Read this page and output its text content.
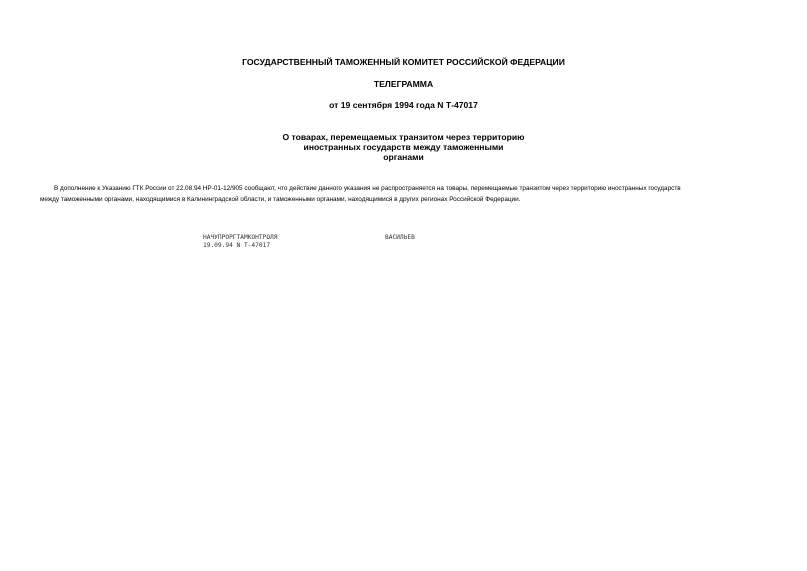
ГОСУДАРСТВЕННЫЙ ТАМОЖЕННЫЙ КОМИТЕТ РОССИЙСКОЙ ФЕДЕРАЦИИ
ТЕЛЕГРАММА
от 19 сентября 1994 года N Т-47017
О товарах, перемещаемых транзитом через территорию
иностранных государств между таможенными
органами
В дополнение к Указанию ГТК России от 22.08.94 НР-01-12/905 сообщают, что действие данного указания не распространяется на товары, перемещаемые транзитом через территорию иностранных государств
между таможенными органами, находящимися в Калининградской области, и таможенными органами, находящимися в других регионах Российской Федерации.
НАЧУПРОРГТАМКОНТРОЛЯ
19.09.94 N Т-47017
ВАСИЛЬЕВ
